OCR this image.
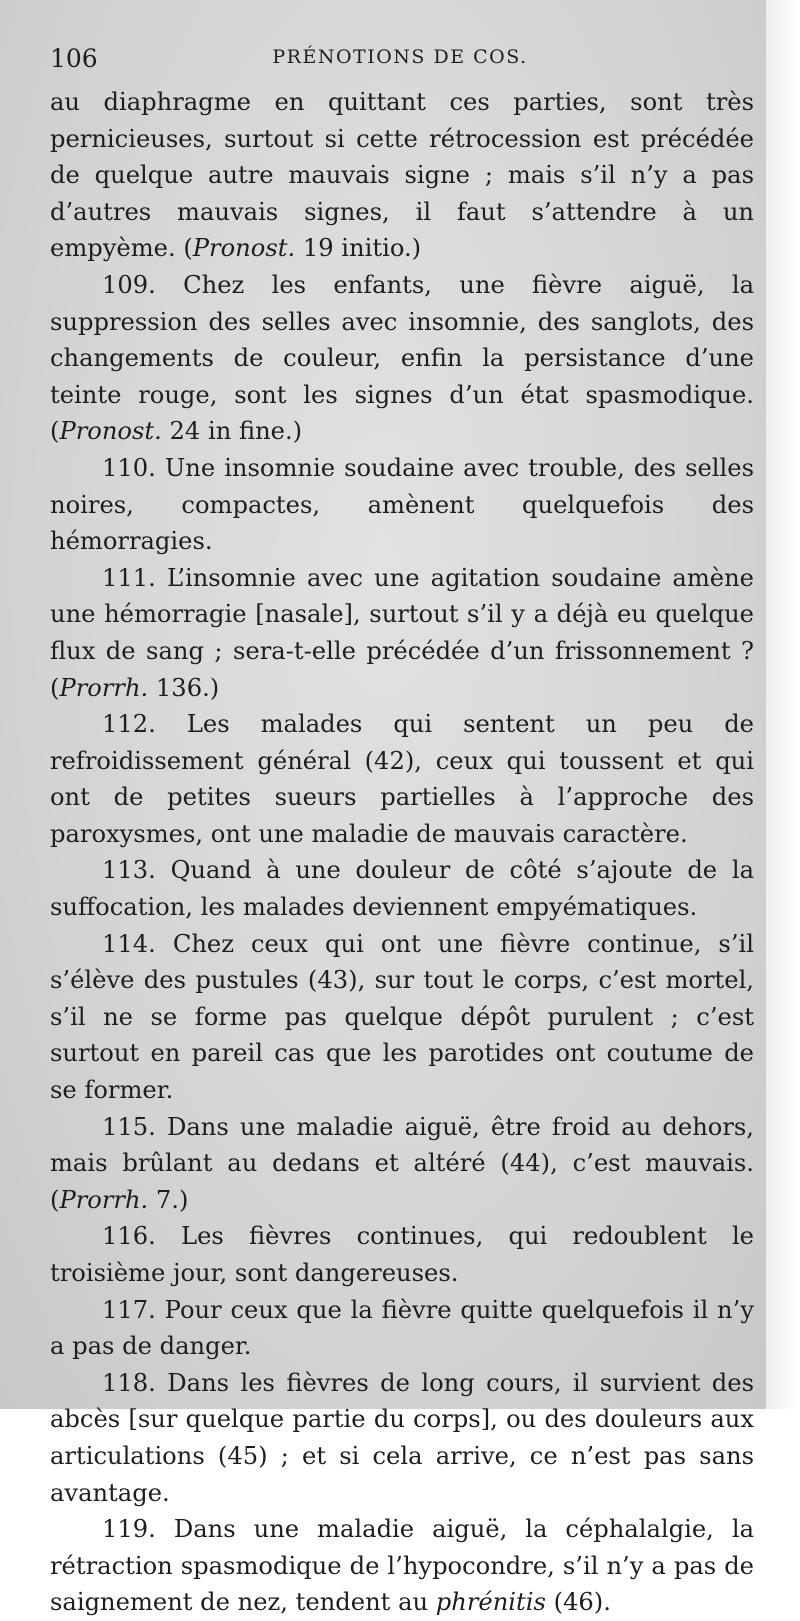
106	PRÉNOTIONS DE COS.

au diaphragme en quittant ces parties, sont très pernicieuses, surtout si cette rétrocession est précédée de quelque autre mauvais signe ; mais s’il n’y a pas d’autres mauvais signes, il faut s’attendre à un empyème. (Pronost. 19 initio.)

109. Chez les enfants, une fièvre aiguë, la suppression des selles avec insomnie, des sanglots, des changements de couleur, enfin la persistance d’une teinte rouge, sont les signes d’un état spasmodique. (Pronost. 24 in fine.)

110. Une insomnie soudaine avec trouble, des selles noires, compactes, amènent quelquefois des hémorragies.

111. L’insomnie avec une agitation soudaine amène une hémorragie [nasale], surtout s’il y a déjà eu quelque flux de sang ; sera-t-elle précédée d’un frissonnement ? (Prorrh. 136.)

112. Les malades qui sentent un peu de refroidissement général (42), ceux qui toussent et qui ont de petites sueurs partielles à l’approche des paroxysmes, ont une maladie de mauvais caractère.

113. Quand à une douleur de côté s’ajoute de la suffocation, les malades deviennent empyématiques.

114. Chez ceux qui ont une fièvre continue, s’il s’élève des pustules (43), sur tout le corps, c’est mortel, s’il ne se forme pas quelque dépôt purulent ; c’est surtout en pareil cas que les parotides ont coutume de se former.

115. Dans une maladie aiguë, être froid au dehors, mais brûlant au dedans et altéré (44), c’est mauvais. (Prorrh. 7.)

116. Les fièvres continues, qui redoublent le troisième jour, sont dangereuses.

117. Pour ceux que la fièvre quitte quelquefois il n’y a pas de danger.

118. Dans les fièvres de long cours, il survient des abcès [sur quelque partie du corps], ou des douleurs aux articulations (45) ; et si cela arrive, ce n’est pas sans avantage.

119. Dans une maladie aiguë, la céphalalgie, la rétraction spasmodique de l’hypocondre, s’il n’y a pas de saignement de nez, tendent au phrénitis (46).
